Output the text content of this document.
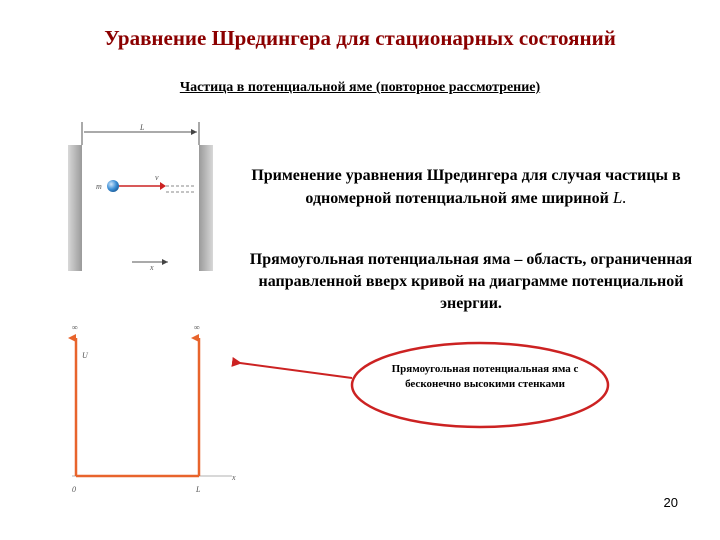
Уравнение Шредингера для стационарных состояний
Частица в потенциальной яме (повторное рассмотрение)
L
m
v
x
∞	∞
U
0	L
x
Применение уравнения Шредингера для случая частицы в одномерной потенциальной яме шириной L.
Прямоугольная потенциальная яма – область, ограниченная направленной вверх кривой на диаграмме потенциальной энергии.
Прямоугольная потенциальная яма с бесконечно высокими стенками
20
